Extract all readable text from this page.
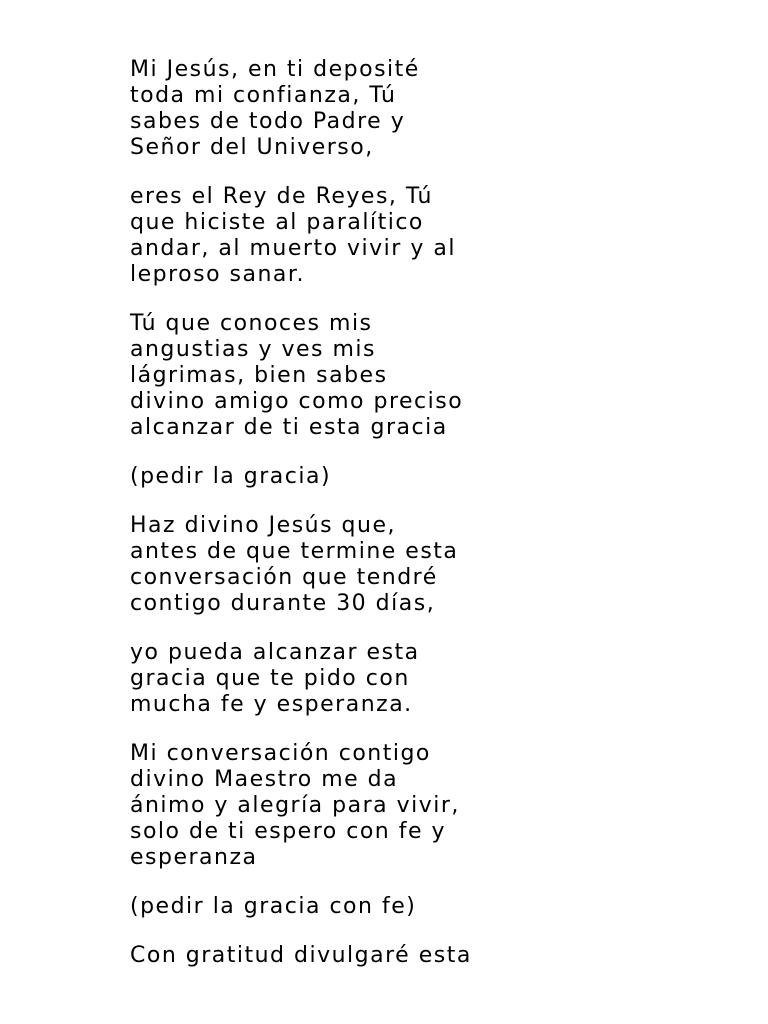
Mi Jesús, en ti deposité
toda mi confianza, Tú
sabes de todo Padre y
Señor del Universo,

eres el Rey de Reyes, Tú
que hiciste al paralítico
andar, al muerto vivir y al
leproso sanar.

Tú que conoces mis
angustias y ves mis
lágrimas, bien sabes
divino amigo como preciso
alcanzar de ti esta gracia

(pedir la gracia)

Haz divino Jesús que,
antes de que termine esta
conversación que tendré
contigo durante 30 días,

yo pueda alcanzar esta
gracia que te pido con
mucha fe y esperanza.

Mi conversación contigo
divino Maestro me da
ánimo y alegría para vivir,
solo de ti espero con fe y
esperanza

(pedir la gracia con fe)

Con gratitud divulgaré esta
